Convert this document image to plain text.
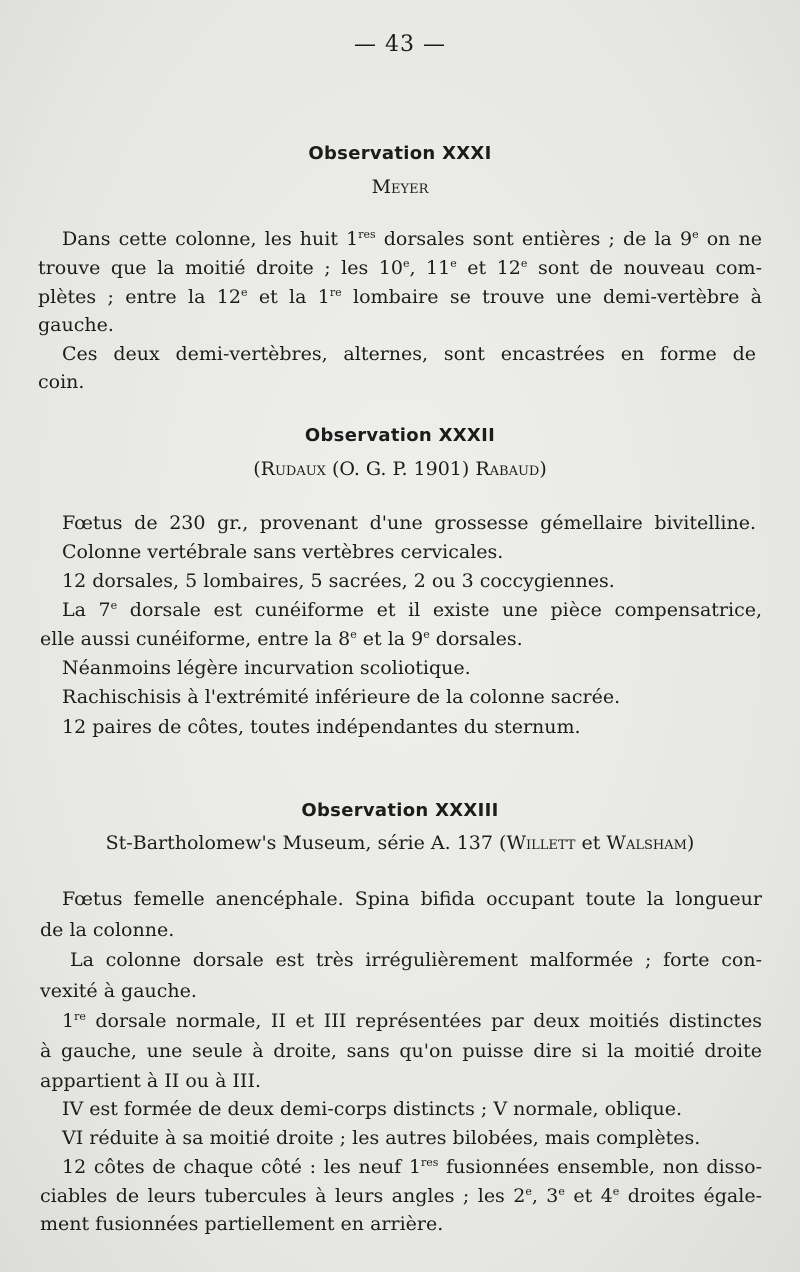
— 43 —
Observation XXXI
Meyer
Dans cette colonne, les huit 1res dorsales sont entières ; de la 9e on ne
trouve que la moitié droite ; les 10e, 11e et 12e sont de nouveau com-
plètes ; entre la 12e et la 1re lombaire se trouve une demi-vertèbre à
gauche.
Ces deux demi-vertèbres, alternes, sont encastrées en forme de
coin.
Observation XXXII
(Rudaux (O. G. P. 1901) Rabaud)
Fœtus de 230 gr., provenant d'une grossesse gémellaire bivitelline.
Colonne vertébrale sans vertèbres cervicales.
12 dorsales, 5 lombaires, 5 sacrées, 2 ou 3 coccygiennes.
La 7e dorsale est cunéiforme et il existe une pièce compensatrice,
elle aussi cunéiforme, entre la 8e et la 9e dorsales.
Néanmoins légère incurvation scoliotique.
Rachischisis à l'extrémité inférieure de la colonne sacrée.
12 paires de côtes, toutes indépendantes du sternum.
Observation XXXIII
St-Bartholomew's Museum, série A. 137 (Willett et Walsham)
Fœtus femelle anencéphale. Spina bifida occupant toute la longueur
de la colonne.
La colonne dorsale est très irrégulièrement malformée ; forte con-
vexité à gauche.
1re dorsale normale, II et III représentées par deux moitiés distinctes
à gauche, une seule à droite, sans qu'on puisse dire si la moitié droite
appartient à II ou à III.
IV est formée de deux demi-corps distincts ; V normale, oblique.
VI réduite à sa moitié droite ; les autres bilobées, mais complètes.
12 côtes de chaque côté : les neuf 1res fusionnées ensemble, non disso-
ciables de leurs tubercules à leurs angles ; les 2e, 3e et 4e droites égale-
ment fusionnées partiellement en arrière.
